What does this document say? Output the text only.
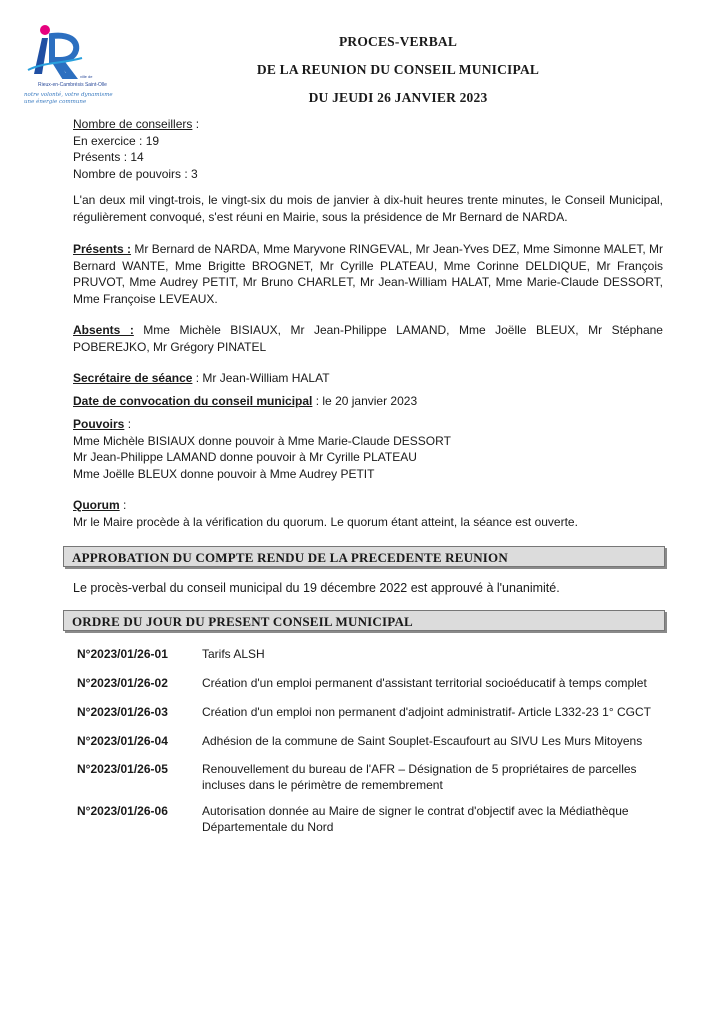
ville de
Rieux-en-Cambrésis Saint-Olle
notre volonté, votre dynamisme
une énergie commune
PROCES-VERBAL
DE LA REUNION DU CONSEIL MUNICIPAL
DU JEUDI 26 JANVIER 2023

Nombre de conseillers :

En exercice : 19

Présents : 14

Nombre de pouvoirs : 3

L'an deux mil vingt-trois, le vingt-six du mois de janvier à dix-huit heures trente minutes, le Conseil Municipal, régulièrement convoqué, s'est réuni en Mairie, sous la présidence de Mr Bernard de NARDA.
Présents : Mr Bernard de NARDA, Mme Maryvone RINGEVAL, Mr Jean-Yves DEZ, Mme Simonne MALET, Mr Bernard WANTE, Mme Brigitte BROGNET, Mr Cyrille PLATEAU, Mme Corinne DELDIQUE, Mr François PRUVOT, Mme Audrey PETIT, Mr Bruno CHARLET, Mr Jean-William HALAT, Mme Marie-Claude DESSORT, Mme Françoise LEVEAUX.
Absents : Mme Michèle BISIAUX, Mr Jean-Philippe LAMAND, Mme Joëlle BLEUX, Mr Stéphane POBEREJKO, Mr Grégory PINATEL
Secrétaire de séance : Mr Jean-William HALAT
Date de convocation du conseil municipal : le 20 janvier 2023

Pouvoirs :

Mme Michèle BISIAUX donne pouvoir à Mme Marie-Claude DESSORT

Mr Jean-Philippe LAMAND donne pouvoir à Mr Cyrille PLATEAU

Mme Joëlle BLEUX donne pouvoir à Mme Audrey PETIT

Quorum :

Mr le Maire procède à la vérification du quorum. Le quorum étant atteint, la séance est ouverte.

APPROBATION DU COMPTE RENDU DE LA PRECEDENTE REUNION
Le procès-verbal du conseil municipal du 19 décembre 2022 est approuvé à l'unanimité.
ORDRE DU JOUR DU PRESENT CONSEIL MUNICIPAL
N°2023/01/26-01	Tarifs ALSH
N°2023/01/26-02	Création d'un emploi permanent d'assistant territorial socioéducatif à temps complet
N°2023/01/26-03	Création d'un emploi non permanent d'adjoint administratif- Article L332-23 1° CGCT
N°2023/01/26-04	Adhésion de la commune de Saint Souplet-Escaufourt au SIVU Les Murs Mitoyens
N°2023/01/26-05	Renouvellement du bureau de l'AFR – Désignation de 5 propriétaires de parcelles incluses dans le périmètre de remembrement
N°2023/01/26-06	Autorisation donnée au Maire de signer le contrat d'objectif avec la Médiathèque Départementale du Nord
